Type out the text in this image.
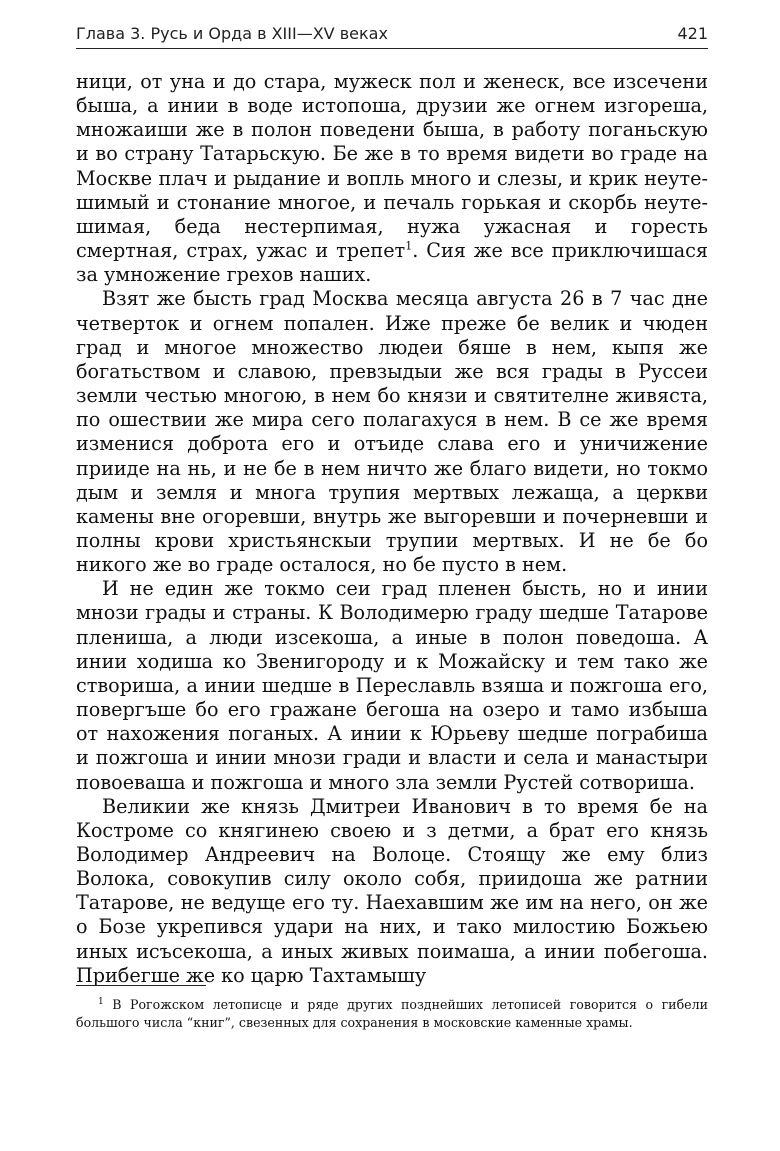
Глава 3. Русь и Орда в XIII—XV веках	421

ници, от уна и до стара, мужеск пол и женеск, все изсечени быша, а инии в воде истопоша, друзии же огнем изгореша, множаиши же в полон поведени быша, в работу поганьскую и во страну Татарьскую. Бе же в то время видети во граде на Москве плач и рыдание и вопль много и слезы, и крик неутешимый и стонание многое, и печаль горькая и скорбь неутешимая, беда нестерпимая, нужа ужасная и горесть смертная, страх, ужас и трепет$^1$. Сия же все приключишася за умножение грехов наших.

Взят же бысть град Москва месяца августа 26 в 7 час дне четверток и огнем попален. Иже преже бе велик и чюден град и многое множество людеи бяше в нем, кыпя же богатьством и славою, превзыдыи же вся грады в Руссеи земли честью многою, в нем бо князи и святителне живяста, по ошествии же мира сего полагахуся в нем. В се же время изменися доброта его и отъиде слава его и уничижение прииде на нь, и не бе в нем ничто же благо видети, но токмо дым и земля и многа трупия мертвых лежаща, а церкви камены вне огоревши, внутрь же выгоревши и почерневши и полны крови христьянскыи трупии мертвых. И не бе бо никого же во граде осталося, но бе пусто в нем.

И не един же токмо сеи град пленен бысть, но и инии мнози грады и страны. К Володимерю граду шедше Татарове плениша, а люди изсекоша, а иные в полон поведоша. А инии ходиша ко Звенигороду и к Можайску и тем тако же створиша, а инии шедше в Переславль взяша и пожгоша его, повергъше бо его гражане бегоша на озеро и тамо избыша от нахожения поганых. А инии к Юрьеву шедше пограбиша и пожгоша и инии мнози гради и власти и села и манастыри повоеваша и пожгоша и много зла земли Рустей сотвориша.

Великии же князь Дмитреи Иванович в то время бе на Костроме со княгинею своею и з детми, а брат его князь Володимер Андреевич на Волоце. Стоящу же ему близ Волока, совокупив силу около собя, приидоша же ратнии Татарове, не ведуще его ту. Наехавшим же им на него, он же о Бозе укрепився удари на них, и тако милостию Божьею иных исъсекоша, а иных живых поимаша, а инии побегоша. Прибегше же ко царю Тахтамышу

$^1$ В Рогожском летописце и ряде других позднейших летописей говорится о гибели большого числа “книг”, свезенных для сохранения в московские каменные храмы.
